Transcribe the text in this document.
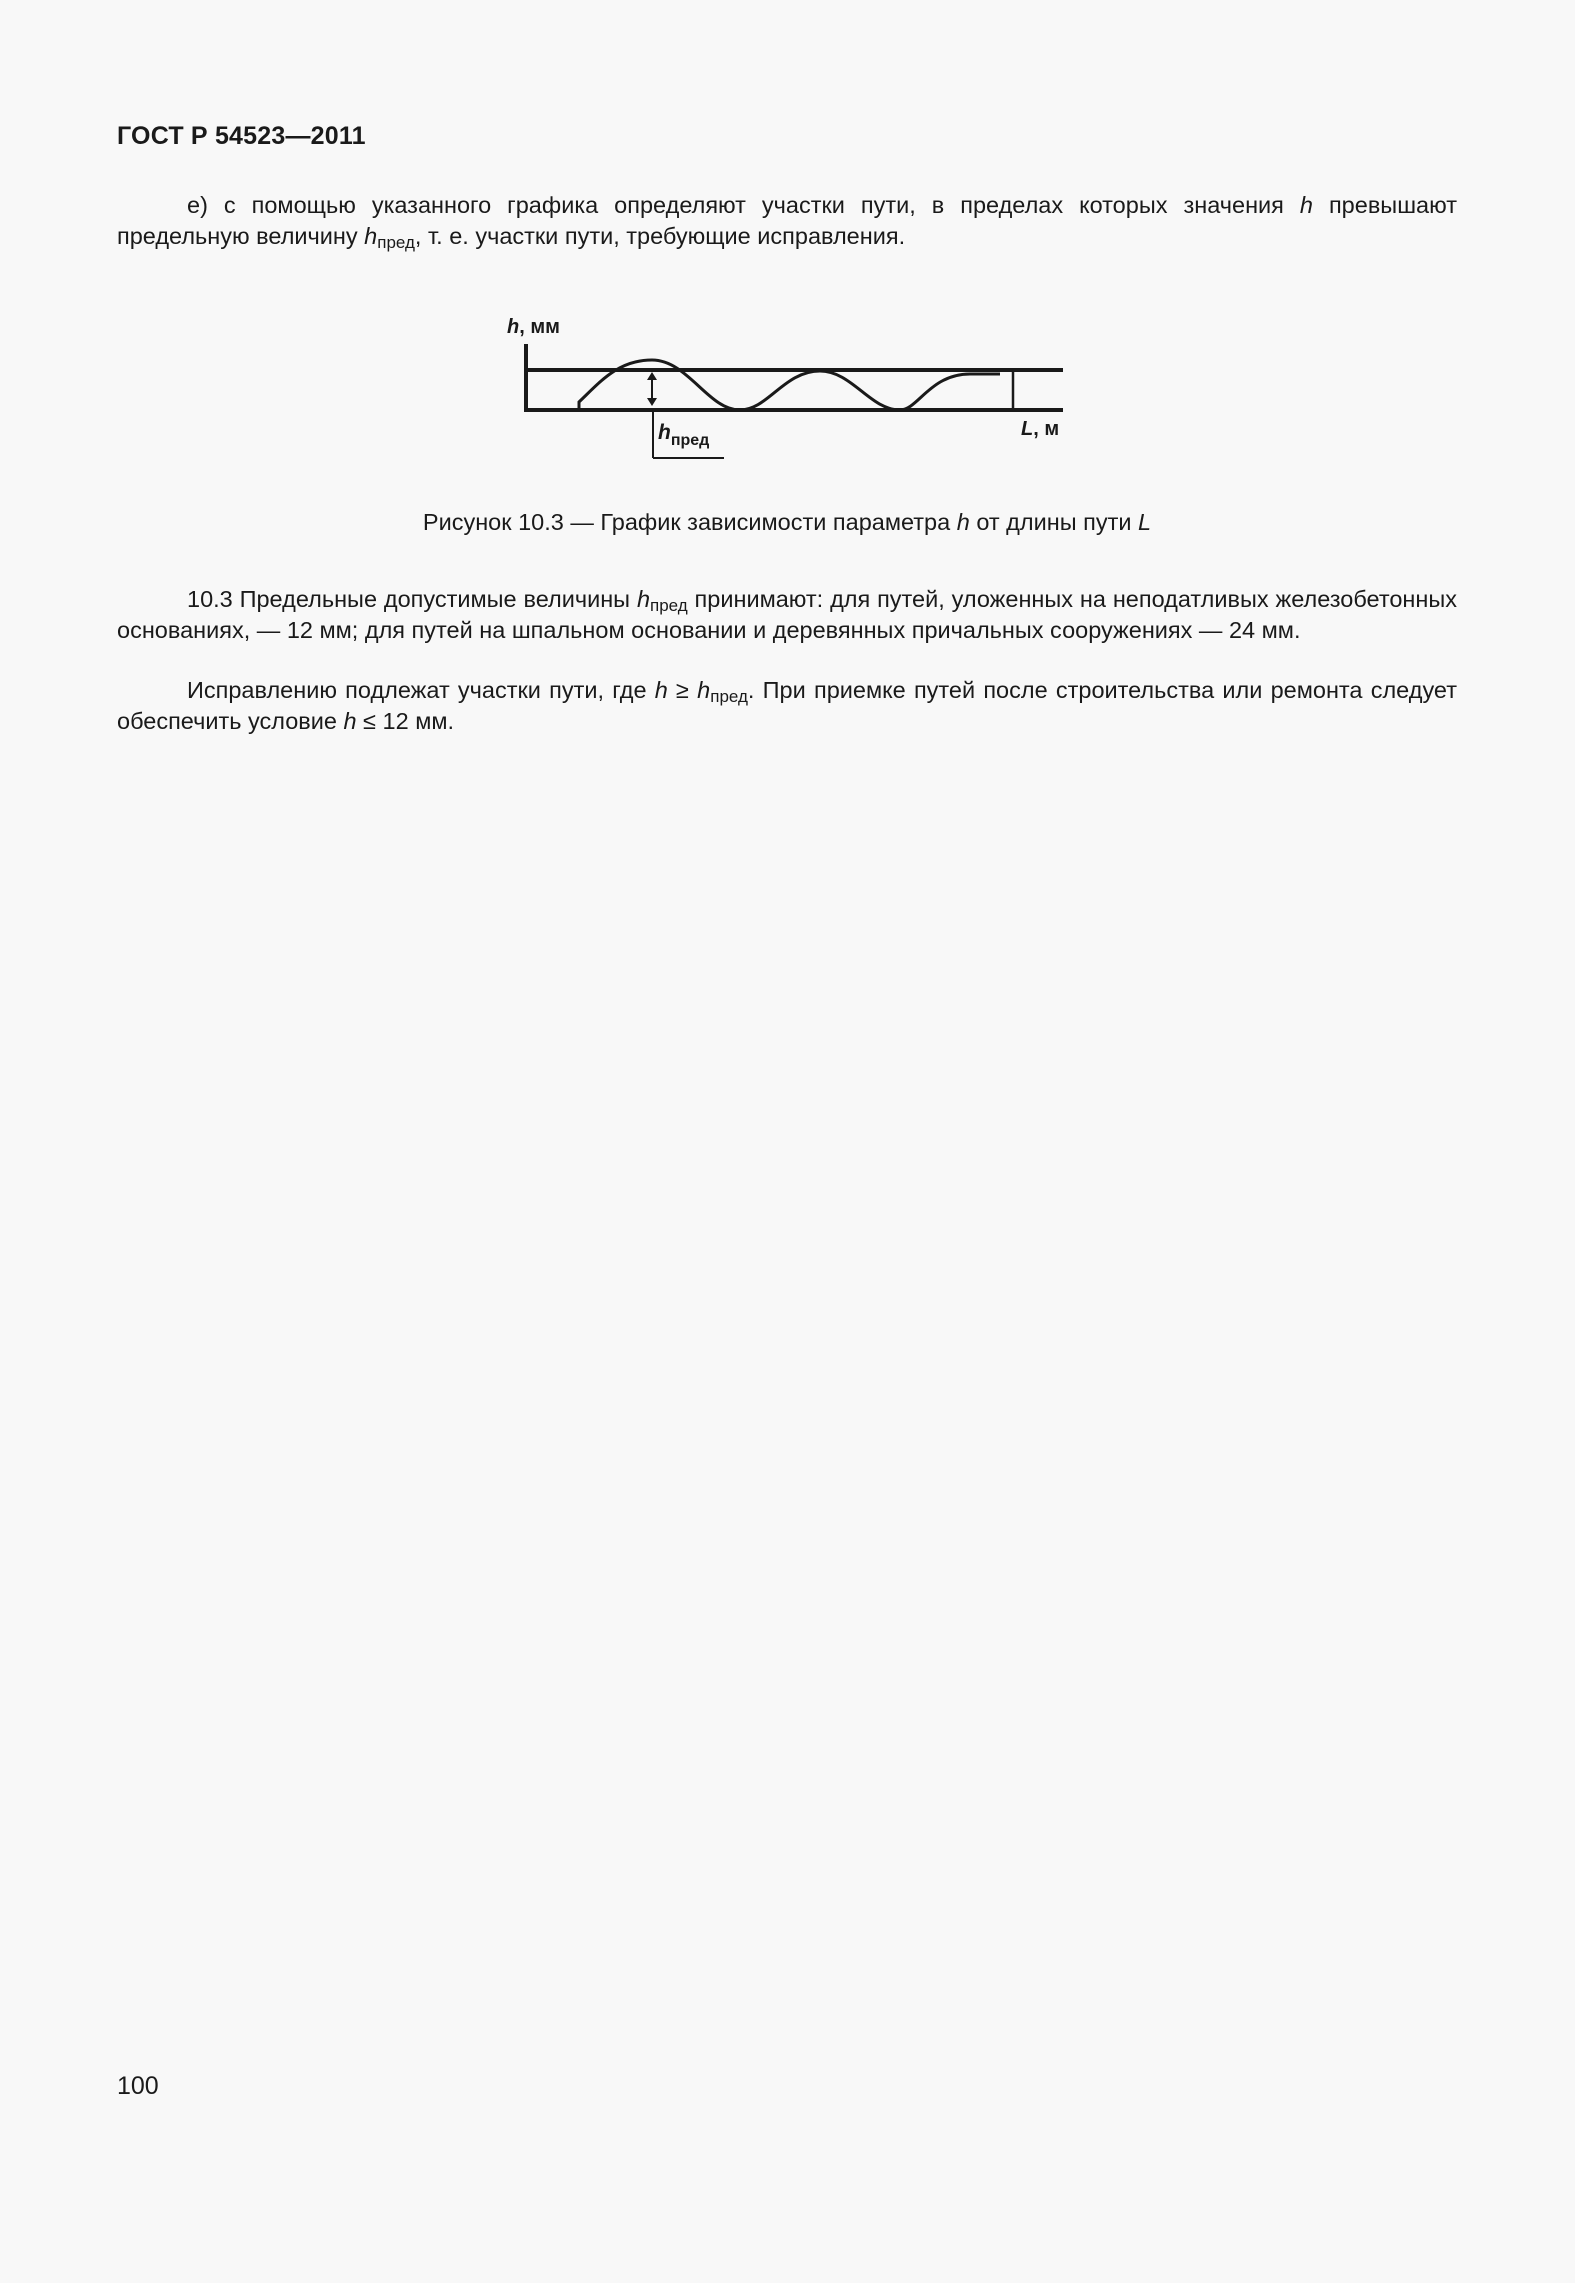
ГОСТ Р 54523—2011

е) с помощью указанного графика определяют участки пути, в пределах которых значения h превышают предельную величину $h_{пред}$, т. е. участки пути, требующие исправления.

h, мм
L, м
$h_{пред}$
Рисунок 10.3 — График зависимости параметра h от длины пути L

10.3 Предельные допустимые величины $h_{пред}$ принимают: для путей, уложенных на неподатливых железобетонных основаниях, — 12 мм; для путей на шпальном основании и деревянных причальных сооружениях — 24 мм.

Исправлению подлежат участки пути, где $h \ge h_{пред}$. При приемке путей после строительства или ремонта следует обеспечить условие h ≤ 12 мм.

100
